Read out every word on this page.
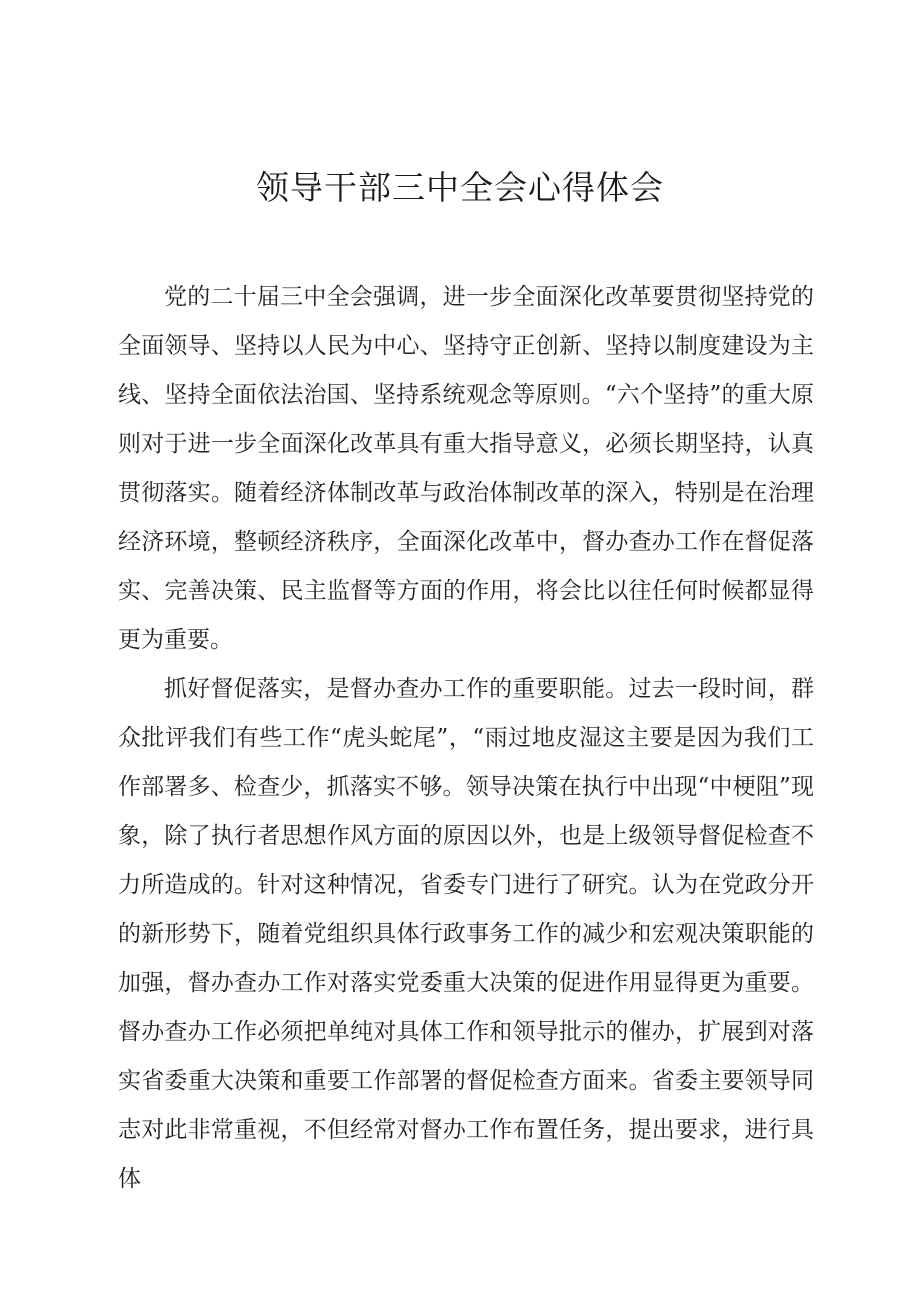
领导干部三中全会心得体会

党的二十届三中全会强调，进一步全面深化改革要贯彻坚持党的全面领导、坚持以人民为中心、坚持守正创新、坚持以制度建设为主线、坚持全面依法治国、坚持系统观念等原则。“六个坚持”的重大原则对于进一步全面深化改革具有重大指导意义，必须长期坚持，认真贯彻落实。随着经济体制改革与政治体制改革的深入，特别是在治理经济环境，整顿经济秩序，全面深化改革中，督办查办工作在督促落实、完善决策、民主监督等方面的作用，将会比以往任何时候都显得更为重要。

抓好督促落实，是督办查办工作的重要职能。过去一段时间，群众批评我们有些工作“虎头蛇尾”，“雨过地皮湿这主要是因为我们工作部署多、检查少，抓落实不够。领导决策在执行中出现“中梗阻”现象，除了执行者思想作风方面的原因以外，也是上级领导督促检查不力所造成的。针对这种情况，省委专门进行了研究。认为在党政分开的新形势下，随着党组织具体行政事务工作的减少和宏观决策职能的加强，督办查办工作对落实党委重大决策的促进作用显得更为重要。督办查办工作必须把单纯对具体工作和领导批示的催办，扩展到对落实省委重大决策和重要工作部署的督促检查方面来。省委主要领导同志对此非常重视，不但经常对督办工作布置任务，提出要求，进行具体
